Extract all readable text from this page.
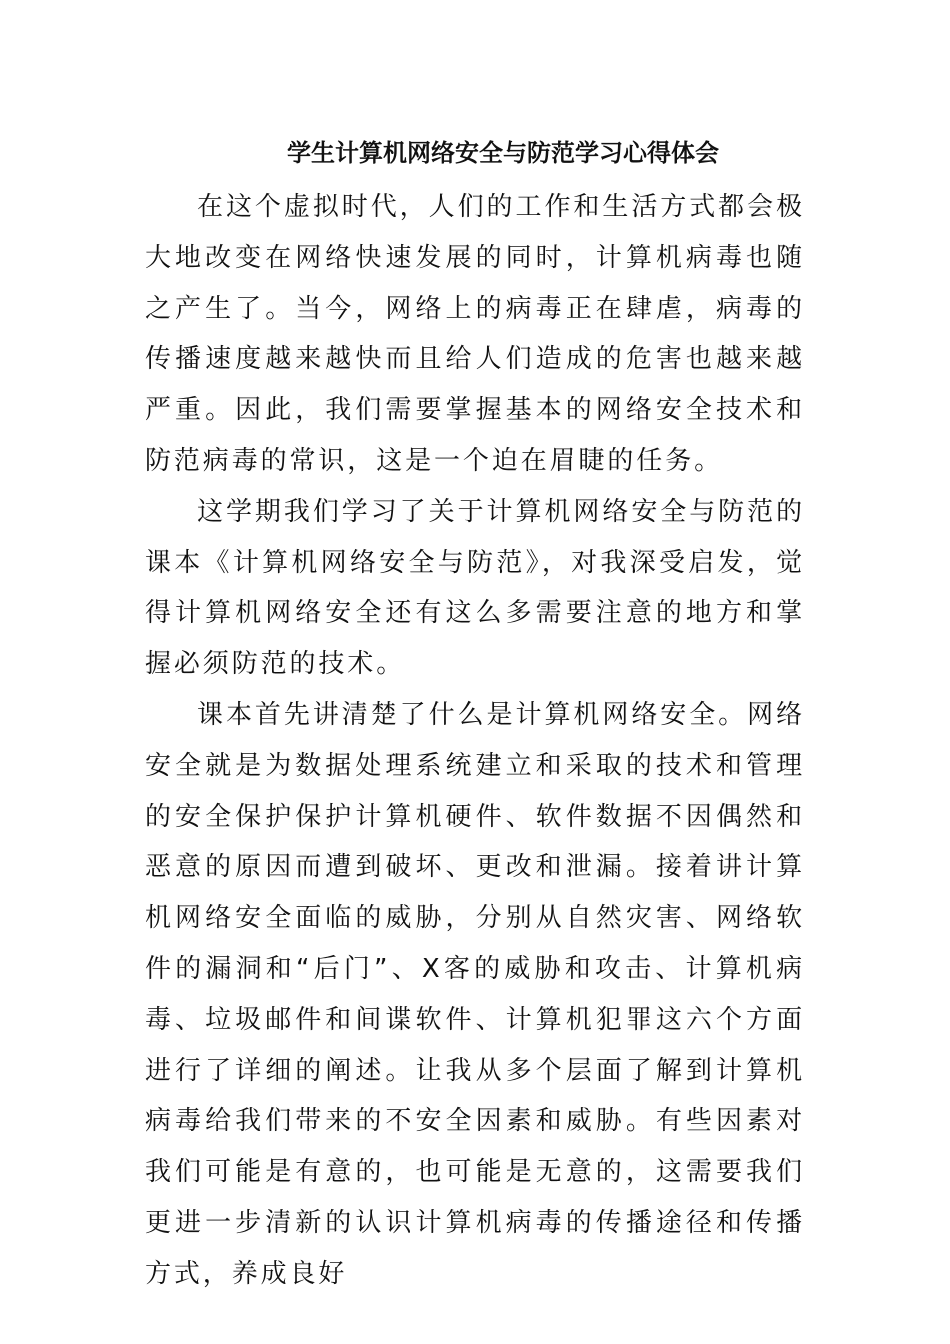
学生计算机网络安全与防范学习心得体会

在这个虚拟时代，人们的工作和生活方式都会极大地改变在网络快速发展的同时，计算机病毒也随之产生了。当今，网络上的病毒正在肆虐，病毒的传播速度越来越快而且给人们造成的危害也越来越严重。因此，我们需要掌握基本的网络安全技术和防范病毒的常识，这是一个迫在眉睫的任务。

这学期我们学习了关于计算机网络安全与防范的课本《计算机网络安全与防范》，对我深受启发，觉得计算机网络安全还有这么多需要注意的地方和掌握必须防范的技术。

课本首先讲清楚了什么是计算机网络安全。网络安全就是为数据处理系统建立和采取的技术和管理的安全保护保护计算机硬件、软件数据不因偶然和恶意的原因而遭到破坏、更改和泄漏。接着讲计算机网络安全面临的威胁，分别从自然灾害、网络软件的漏洞和“后门”、X客的威胁和攻击、计算机病毒、垃圾邮件和间谍软件、计算机犯罪这六个方面进行了详细的阐述。让我从多个层面了解到计算机病毒给我们带来的不安全因素和威胁。有些因素对我们可能是有意的，也可能是无意的，这需要我们更进一步清新的认识计算机病毒的传播途径和传播方式，养成良好
